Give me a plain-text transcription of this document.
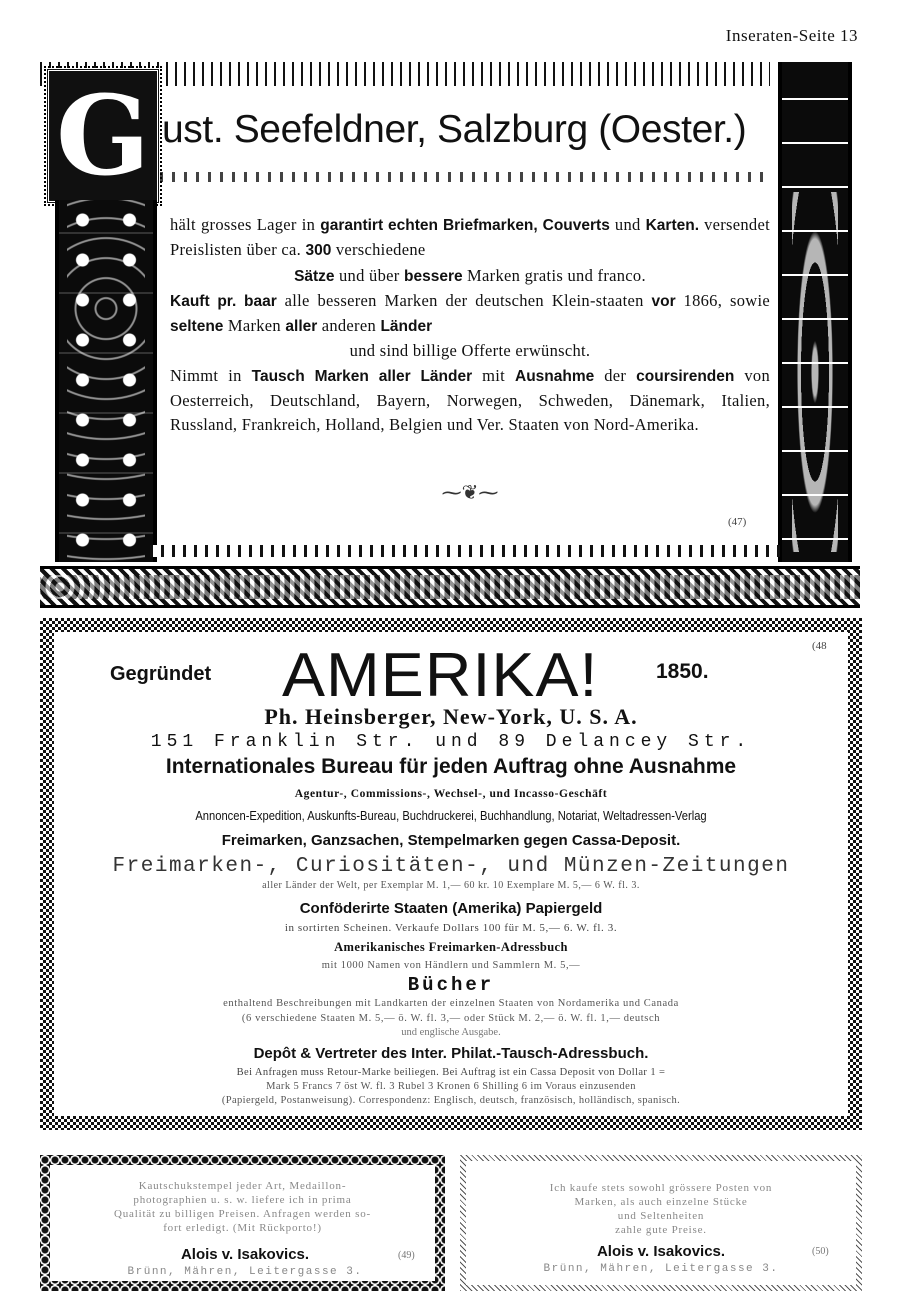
Inseraten-Seite 13
G ust. Seefeldner, Salzburg (Oester.)
hält grosses Lager in garantirt echten Briefmarken, Couverts und Karten. versendet Preislisten über ca. 300 verschiedene
Sätze und über bessere Marken gratis und franco.
Kauft pr. baar alle besseren Marken der deutschen Klein-staaten vor 1866, sowie seltene Marken aller anderen Länder
und sind billige Offerte erwünscht.
Nimmt in Tausch Marken aller Länder mit Ausnahme der coursirenden von Oesterreich, Deutschland, Bayern, Norwegen, Schweden, Dänemark, Italien, Russland, Frankreich, Holland, Belgien und Ver. Staaten von Nord-Amerika.
⁓❦⁓
(47)
(48
Gegründet AMERIKA!	1850.
Ph. Heinsberger, New-York, U. S. A.
151 Franklin Str. und 89 Delancey Str.
Internationales Bureau für jeden Auftrag ohne Ausnahme
Agentur-, Commissions-, Wechsel-, und Incasso-Geschäft
Annoncen-Expedition, Auskunfts-Bureau, Buchdruckerei, Buchhandlung, Notariat, Weltadressen-Verlag
Freimarken, Ganzsachen, Stempelmarken gegen Cassa-Deposit.
Freimarken-, Curiositäten-, und Münzen-Zeitungen
aller Länder der Welt, per Exemplar M. 1,— 60 kr. 10 Exemplare M. 5,— 6 W. fl. 3.
Conföderirte Staaten (Amerika) Papiergeld
in sortirten Scheinen. Verkaufe Dollars 100 für M. 5,— 6. W. fl. 3.
Amerikanisches Freimarken-Adressbuch
mit 1000 Namen von Händlern und Sammlern M. 5,—
Bücher
enthaltend Beschreibungen mit Landkarten der einzelnen Staaten von Nordamerika und Canada
(6 verschiedene Staaten M. 5,— ö. W. fl. 3,— oder Stück M. 2,— ö. W. fl. 1,— deutsch
und englische Ausgabe.
Depôt & Vertreter des Inter. Philat.-Tausch-Adressbuch.
Bei Anfragen muss Retour-Marke beiliegen. Bei Auftrag ist ein Cassa Deposit von Dollar 1 =
Mark 5 Francs 7 öst W. fl. 3 Rubel 3 Kronen 6 Shilling 6 im Voraus einzusenden
(Papiergeld, Postanweisung). Correspondenz: Englisch, deutsch, französisch, holländisch, spanisch.
Kautschukstempel jeder Art, Medaillon-
photographien u. s. w. liefere ich in prima
Qualität zu billigen Preisen. Anfragen werden so-
fort erledigt. (Mit Rückporto!)
Alois v. Isakovics.	(49)
Brünn, Mähren, Leitergasse 3.
Ich kaufe stets sowohl grössere Posten von
Marken, als auch einzelne Stücke
und Seltenheiten
zahle gute Preise.
Alois v. Isakovics.	(50)
Brünn, Mähren, Leitergasse 3.
